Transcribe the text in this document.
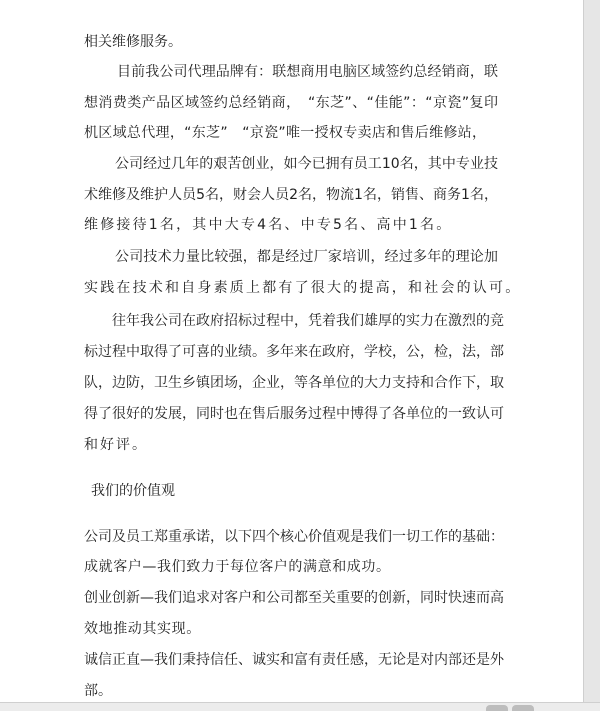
相关维修服务。
目前我公司代理品牌有：联想商用电脑区域签约总经销商，联
想消费类产品区域签约总经销商，　“东芝”、“佳能”：“京瓷”复印
机区域总代理，“东芝”　“京瓷”唯一授权专卖店和售后维修站，
公司经过几年的艰苦创业，如今已拥有员工10名，其中专业技
术维修及维护人员5名，财会人员2名，物流1名，销售、商务1名，
维修接待1名，其中大专4名、中专5名、高中1名。
公司技术力量比较强，都是经过厂家培训，经过多年的理论加
实践在技术和自身素质上都有了很大的提高，和社会的认可。
往年我公司在政府招标过程中，凭着我们雄厚的实力在激烈的竞
标过程中取得了可喜的业绩。多年来在政府，学校，公，检，法，部
队，边防，卫生乡镇团场，企业，等各单位的大力支持和合作下，取
得了很好的发展，同时也在售后服务过程中博得了各单位的一致认可
和好评。
我们的价值观
公司及员工郑重承诺，以下四个核心价值观是我们一切工作的基础：
成就客户—我们致力于每位客户的满意和成功。
创业创新—我们追求对客户和公司都至关重要的创新，同时快速而高
效地推动其实现。
诚信正直—我们秉持信任、诚实和富有责任感，无论是对内部还是外
部。
